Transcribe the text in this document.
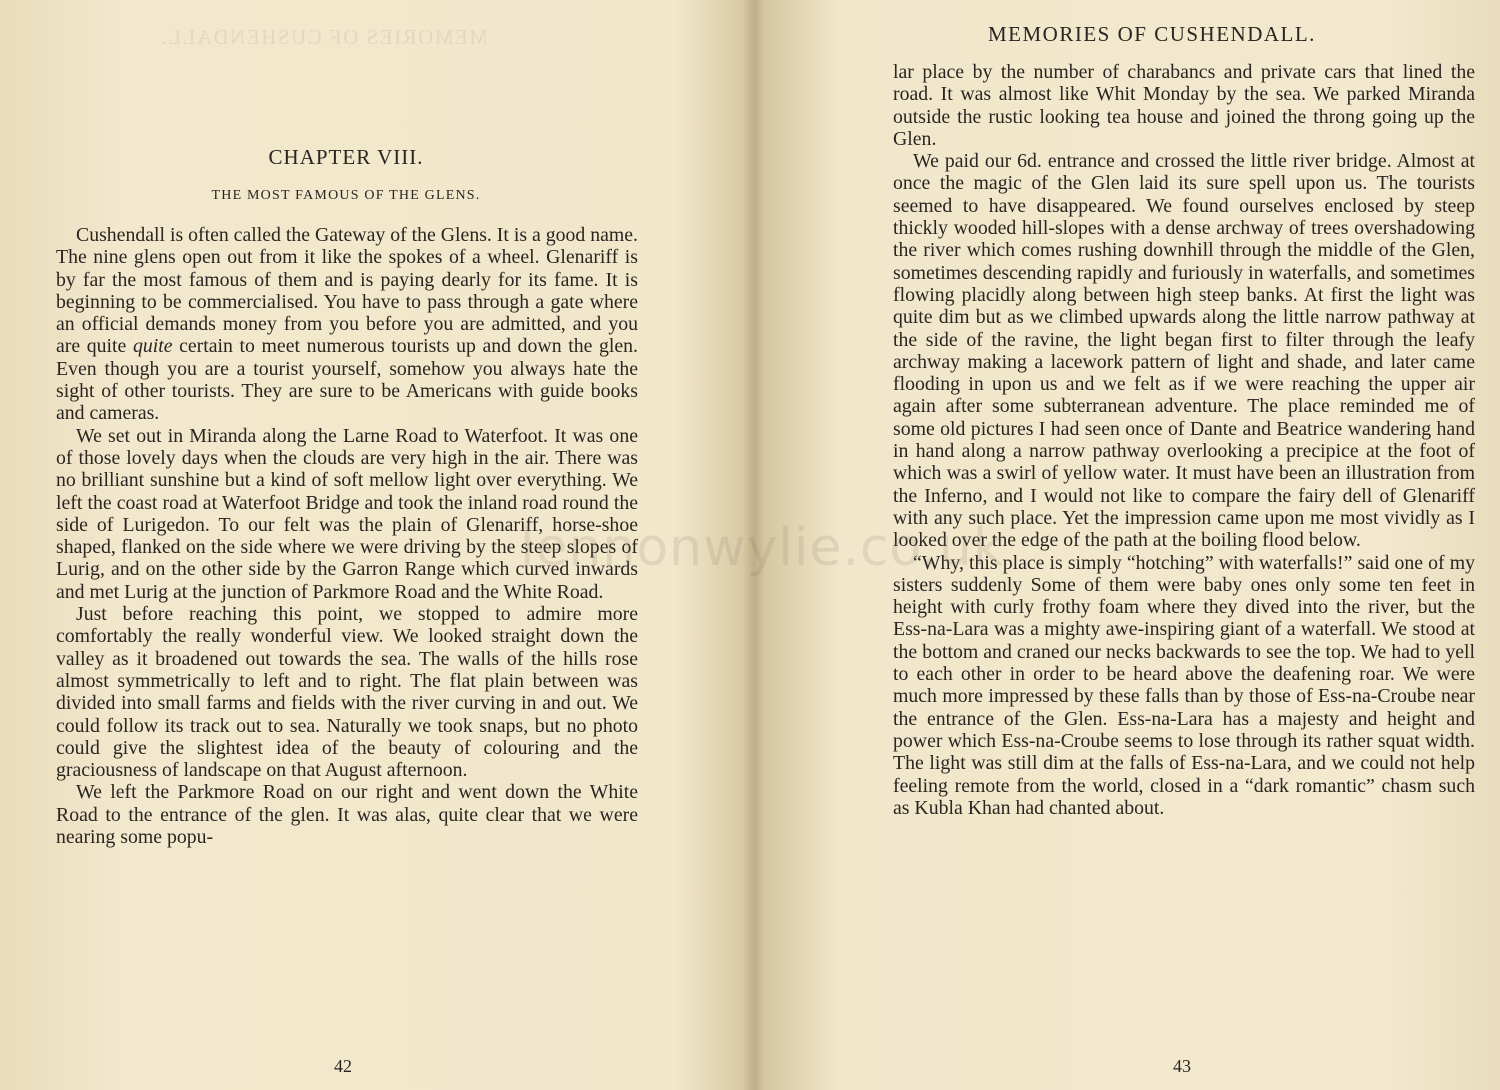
MEMORIES OF CUSHENDALL.
CHAPTER VIII.
THE MOST FAMOUS OF THE GLENS.

Cushendall is often called the Gateway of the Glens. It is a good name. The nine glens open out from it like the spokes of a wheel. Glenariff is by far the most famous of them and is paying dearly for its fame. It is beginning to be commercialised. You have to pass through a gate where an official demands money from you before you are admitted, and you are quite quite certain to meet numerous tourists up and down the glen. Even though you are a tourist yourself, somehow you always hate the sight of other tourists. They are sure to be Americans with guide books and cameras.

We set out in Miranda along the Larne Road to Waterfoot. It was one of those lovely days when the clouds are very high in the air. There was no brilliant sunshine but a kind of soft mellow light over everything. We left the coast road at Waterfoot Bridge and took the inland road round the side of Lurigedon. To our felt was the plain of Glenariff, horse-shoe shaped, flanked on the side where we were driving by the steep slopes of Lurig, and on the other side by the Garron Range which curved inwards and met Lurig at the junction of Parkmore Road and the White Road.

Just before reaching this point, we stopped to admire more comfortably the really wonderful view. We looked straight down the valley as it broadened out towards the sea. The walls of the hills rose almost symmetrically to left and to right. The flat plain between was divided into small farms and fields with the river curving in and out. We could follow its track out to sea. Naturally we took snaps, but no photo could give the slightest idea of the beauty of colouring and the graciousness of landscape on that August afternoon.

We left the Parkmore Road on our right and went down the White Road to the entrance of the glen. It was alas, quite clear that we were nearing some popu-

42
MEMORIES OF CUSHENDALL.

lar place by the number of charabancs and private cars that lined the road. It was almost like Whit Monday by the sea. We parked Miranda outside the rustic looking tea house and joined the throng going up the Glen.

We paid our 6d. entrance and crossed the little river bridge. Almost at once the magic of the Glen laid its sure spell upon us. The tourists seemed to have disappeared. We found ourselves enclosed by steep thickly wooded hill-slopes with a dense archway of trees overshadowing the river which comes rushing downhill through the middle of the Glen, sometimes descending rapidly and furiously in waterfalls, and sometimes flowing placidly along between high steep banks. At first the light was quite dim but as we climbed upwards along the little narrow pathway at the side of the ravine, the light began first to filter through the leafy archway making a lacework pattern of light and shade, and later came flooding in upon us and we felt as if we were reaching the upper air again after some subterranean adventure. The place reminded me of some old pictures I had seen once of Dante and Beatrice wandering hand in hand along a narrow pathway overlooking a precipice at the foot of which was a swirl of yellow water. It must have been an illustration from the Inferno, and I would not like to compare the fairy dell of Glenariff with any such place. Yet the impression came upon me most vividly as I looked over the edge of the path at the boiling flood below.

“Why, this place is simply “hotching” with waterfalls!” said one of my sisters suddenly Some of them were baby ones only some ten feet in height with curly frothy foam where they dived into the river, but the Ess-na-Lara was a mighty awe-inspiring giant of a waterfall. We stood at the bottom and craned our necks backwards to see the top. We had to yell to each other in order to be heard above the deafening roar. We were much more impressed by these falls than by those of Ess-na-Croube near the entrance of the Glen. Ess-na-Lara has a majesty and height and power which Ess-na-Croube seems to lose through its rather squat width. The light was still dim at the falls of Ess-na-Lara, and we could not help feeling remote from the world, closed in a “dark romantic” chasm such as Kubla Khan had chanted about.

43
lennonwylie.co.uk
